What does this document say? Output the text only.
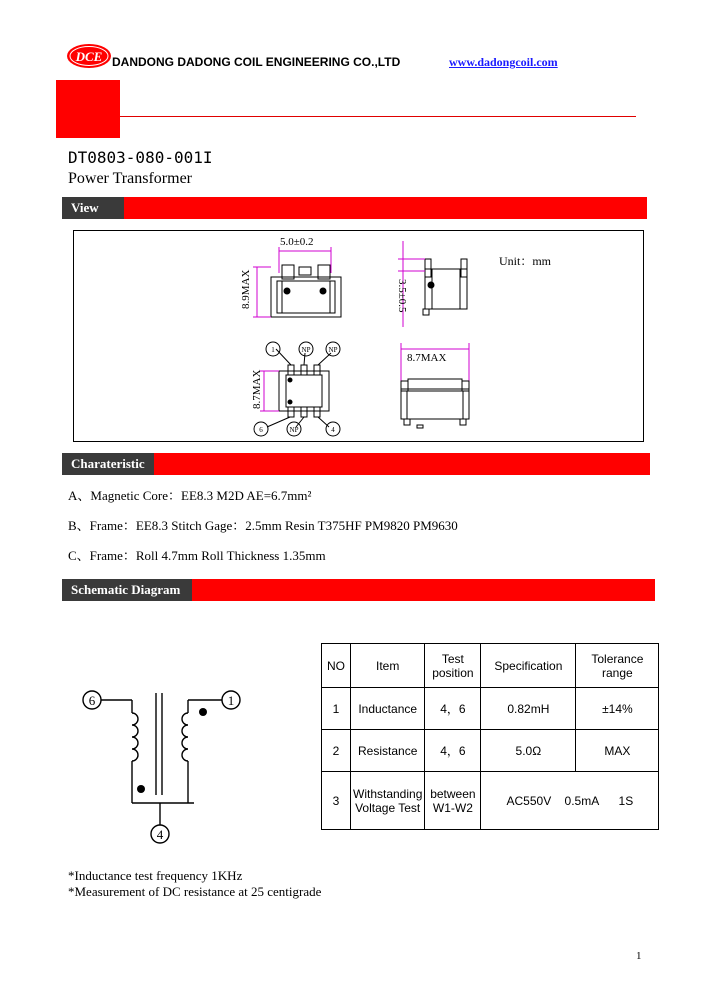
DCE DANDONG DADONG COIL ENGINEERING CO.,LTD	www.dadongcoil.com
DT0803-080-001I
Power Transformer
View
5.0±0.2
8.9MAX	3.5±0.5
Unit：mm
1	NP	NP
6	NP	4
8.7MAX
8.7MAX
Charateristic
A、Magnetic Core：EE8.3 M2D AE=6.7mm²
B、Frame：EE8.3 Stitch Gage：2.5mm Resin T375HF PM9820 PM9630
C、Frame：Roll 4.7mm Roll Thickness 1.35mm
Schematic Diagram
6	1
4
NO	Item	Test position	Specification	Tolerance range
1	Inductance	4，6	0.82mH	±14%
2	Resistance	4，6	5.0Ω	MAX
3	Withstanding Voltage Test	between W1-W2	AC550V    0.5mA      1S	
*Inductance test frequency 1KHz
*Measurement of DC resistance at 25 centigrade
1
